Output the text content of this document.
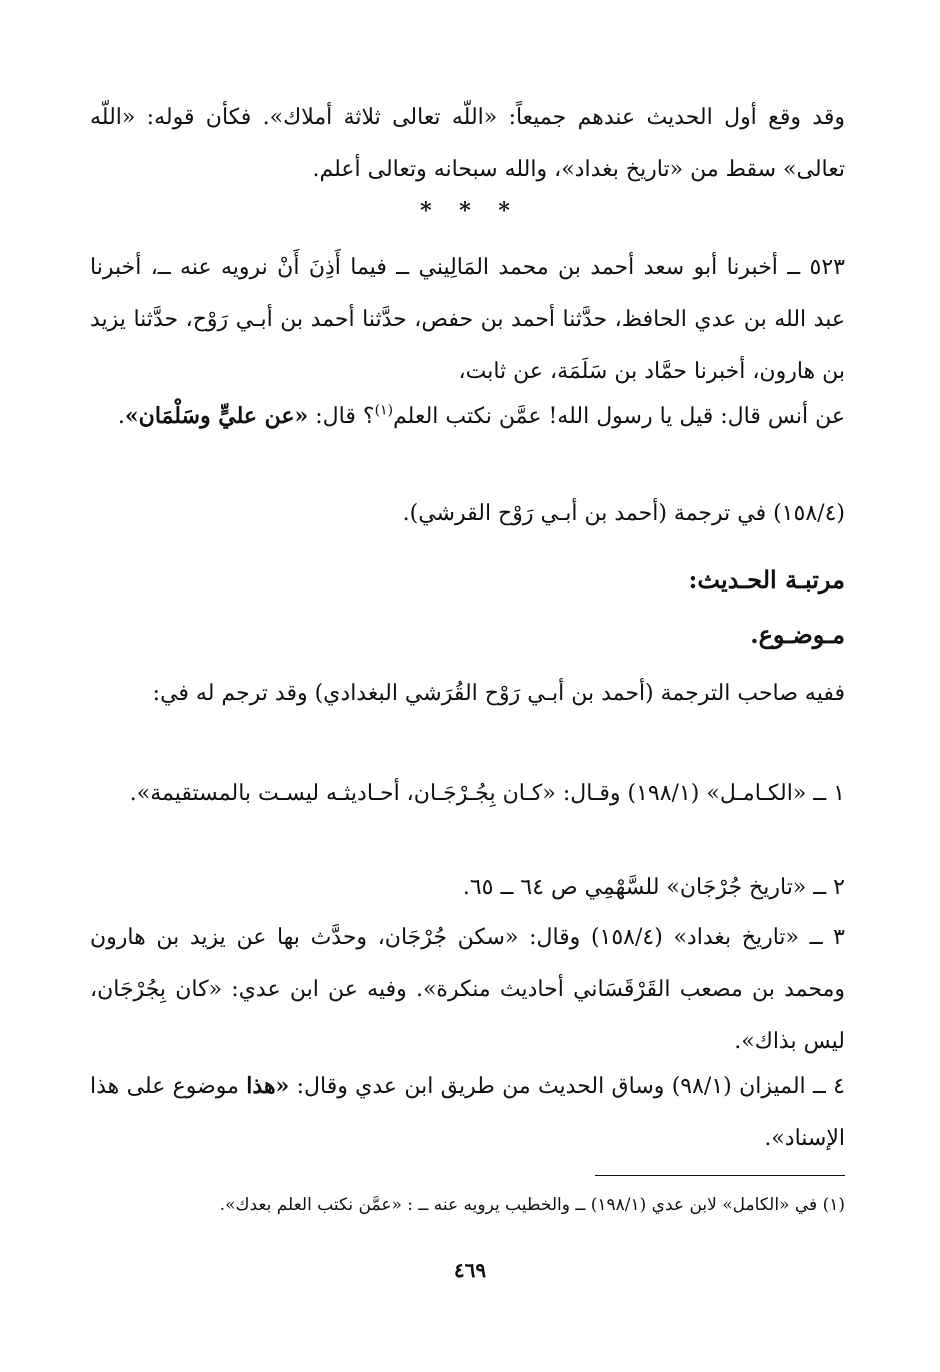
وقد وقع أول الحديث عندهم جميعاً: «اللّه تعالى ثلاثة أملاك». فكأن قوله: «اللّه تعالى» سقط من «تاريخ بغداد»، والله سبحانه وتعالى أعلم.
* * *
٥٢٣ ــ أخبرنا أبو سعد أحمد بن محمد المَالِيني ــ فيما أَذِنَ أَنْ نرويه عنه ــ، أخبرنا عبد الله بن عدي الحافظ، حدَّثنا أحمد بن حفص، حدَّثنا أحمد بن أبـي رَوْح، حدَّثنا يزيد بن هارون، أخبرنا حمَّاد بن سَلَمَة، عن ثابت،
عن أنس قال: قيل يا رسول الله! عمَّن نكتب العلم$^{(١)}$؟ قال: «عن عليٍّ وسَلْمَان».
(١٥٨/٤) في ترجمة (أحمد بن أبـي رَوْح القرشي).
مرتبـة الحـديث:
مـوضـوع.
ففيه صاحب الترجمة (أحمد بن أبـي رَوْح القُرَشي البغدادي) وقد ترجم له في:
١ ــ «الكـامـل» (١٩٨/١) وقـال: «كـان بِجُـرْجَـان، أحـاديثـه ليسـت بالمستقيمة».
٢ ــ «تاريخ جُرْجَان» للسَّهْمِي ص ٦٤ ــ ٦٥.
٣ ــ «تاريخ بغداد» (١٥٨/٤) وقال: «سكن جُرْجَان، وحدَّث بها عن يزيد بن هارون ومحمد بن مصعب القَرْقَسَاني أحاديث منكرة». وفيه عن ابن عدي: «كان بِجُرْجَان، ليس بذاك».
٤ ــ الميزان (٩٨/١) وساق الحديث من طريق ابن عدي وقال: «هذا موضوع على هذا الإسناد».
(١) في «الكامل» لابن عدي (١٩٨/١) ــ والخطيب يرويه عنه ــ : «عمَّن نكتب العلم بعدك».
٤٦٩
